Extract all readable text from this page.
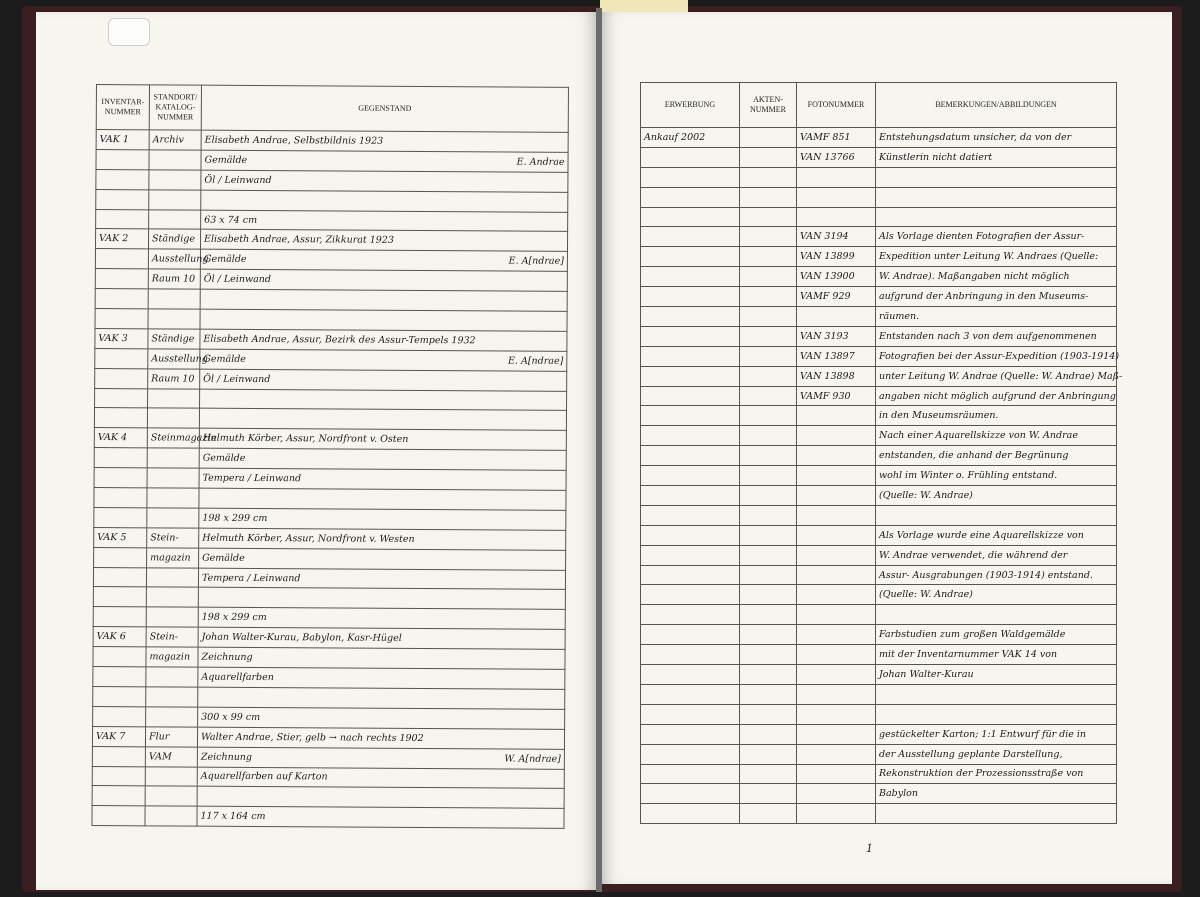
INVENTAR-NUMMER	STANDORT/ KATALOG-NUMMER	GEGENSTAND
VAK 1	Archiv	Elisabeth Andrae, Selbstbildnis 1923

		Gemälde E. Andrae

		Öl / Leinwand

		63 x 74 cm

VAK 2	Ständige	Elisabeth Andrae, Assur, Zikkurat 1923

	Ausstellung	Gemälde E. A[ndrae]

	Raum 10	Öl / Leinwand

VAK 3	Ständige	Elisabeth Andrae, Assur, Bezirk des Assur-Tempels 1932

	Ausstellung	Gemälde E. A[ndrae]

	Raum 10	Öl / Leinwand

VAK 4	Steinmagazin	Helmuth Körber, Assur, Nordfront v. Osten

		Gemälde

		Tempera / Leinwand

		198 x 299 cm

VAK 5	Stein-	Helmuth Körber, Assur, Nordfront v. Westen

	magazin	Gemälde

		Tempera / Leinwand

		198 x 299 cm

VAK 6	Stein-	Johan Walter-Kurau, Babylon, Kasr-Hügel

	magazin	Zeichnung

		Aquarellfarben

		300 x 99 cm

VAK 7	Flur	Walter Andrae, Stier, gelb → nach rechts 1902

	VAM	Zeichnung W. A[ndrae]

		Aquarellfarben auf Karton

		117 x 164 cm
ERWERBUNG	AKTEN-NUMMER	FOTONUMMER	BEMERKUNGEN/ABBILDUNGEN
Ankauf 2002		VAMF 851	Entstehungsdatum unsicher, da von der
		VAN 13766	Künstlerin nicht datiert

		VAN 3194	Als Vorlage dienten Fotografien der Assur-
		VAN 13899	Expedition unter Leitung W. Andraes (Quelle:
		VAN 13900	W. Andrae). Maßangaben nicht möglich
		VAMF 929	aufgrund der Anbringung in den Museums-
			räumen.
		VAN 3193	Entstanden nach 3 von dem aufgenommenen
		VAN 13897	Fotografien bei der Assur-Expedition (1903-1914)
		VAN 13898	unter Leitung W. Andrae (Quelle: W. Andrae) Maß-
		VAMF 930	angaben nicht möglich aufgrund der Anbringung
			in den Museumsräumen.
			Nach einer Aquarellskizze von W. Andrae
			entstanden, die anhand der Begrünung
			wohl im Winter o. Frühling entstand.
			(Quelle: W. Andrae)

			Als Vorlage wurde eine Aquarellskizze von
			W. Andrae verwendet, die während der
			Assur- Ausgrabungen (1903-1914) entstand.
			(Quelle: W. Andrae)

			Farbstudien zum großen Waldgemälde
			mit der Inventarnummer VAK 14 von
			Johan Walter-Kurau

			gestückelter Karton; 1:1 Entwurf für die in
			der Ausstellung geplante Darstellung,
			Rekonstruktion der Prozessionsstraße von
			Babylon

1
